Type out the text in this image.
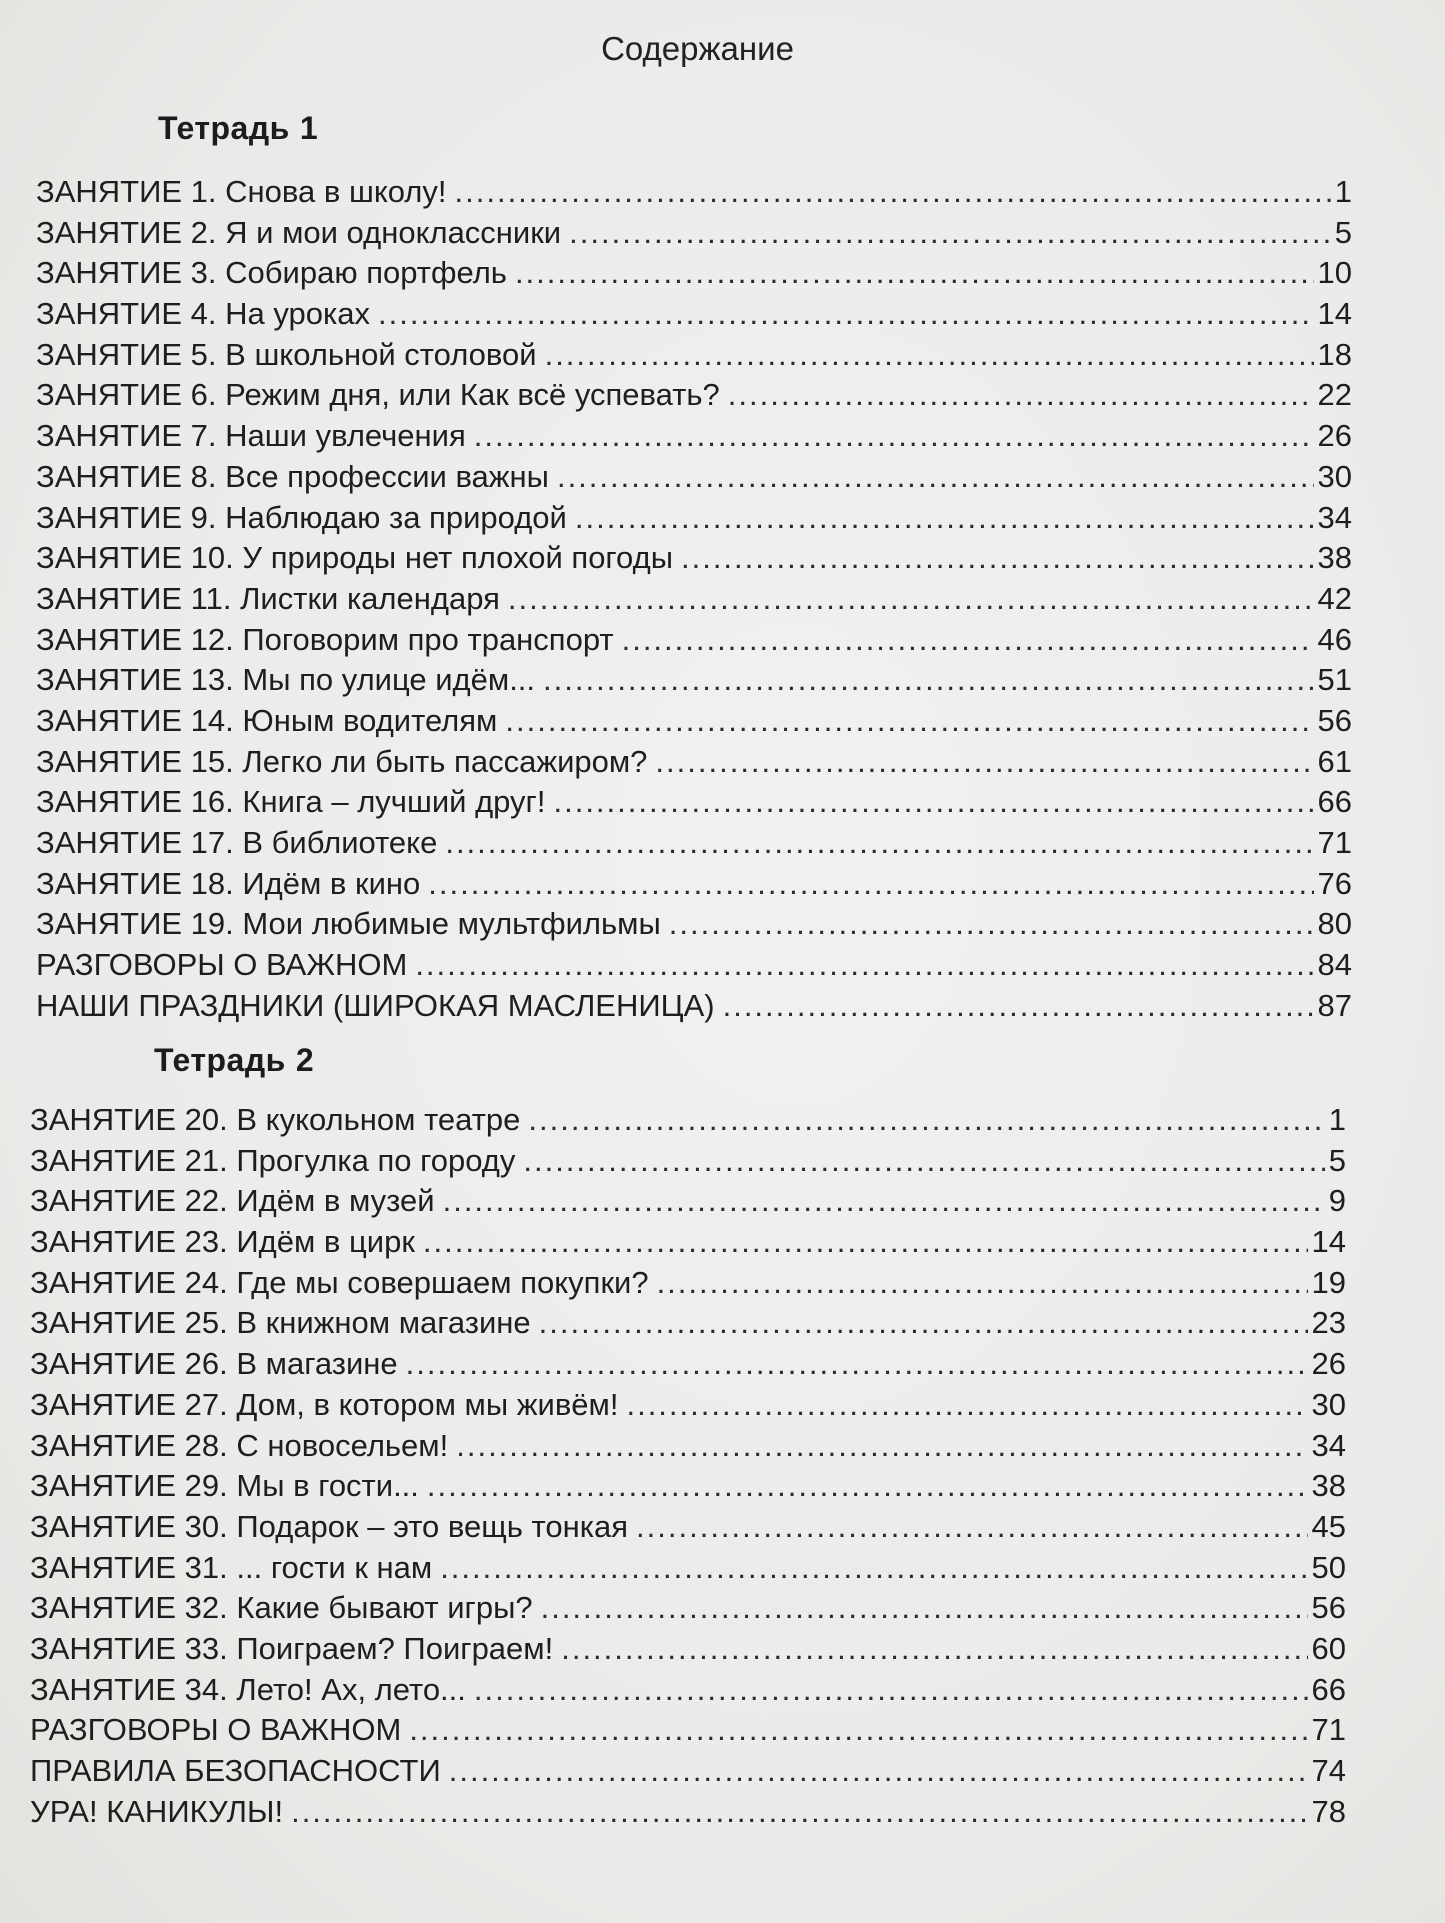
Содержание
Тетрадь 1
ЗАНЯТИЕ 1. Снова в школу! .....	1
ЗАНЯТИЕ 2. Я и мои одноклассники .....	5
ЗАНЯТИЕ 3. Собираю портфель .....	10
ЗАНЯТИЕ 4. На уроках .....	14
ЗАНЯТИЕ 5. В школьной столовой .....	18
ЗАНЯТИЕ 6. Режим дня, или Как всё успевать? .....	22
ЗАНЯТИЕ 7. Наши увлечения .....	26
ЗАНЯТИЕ 8. Все профессии важны .....	30
ЗАНЯТИЕ 9. Наблюдаю за природой .....	34
ЗАНЯТИЕ 10. У природы нет плохой погоды .....	38
ЗАНЯТИЕ 11. Листки календаря .....	42
ЗАНЯТИЕ 12. Поговорим про транспорт .....	46
ЗАНЯТИЕ 13. Мы по улице идём... .....	51
ЗАНЯТИЕ 14. Юным водителям .....	56
ЗАНЯТИЕ 15. Легко ли быть пассажиром? .....	61
ЗАНЯТИЕ 16. Книга – лучший друг! .....	66
ЗАНЯТИЕ 17. В библиотеке .....	71
ЗАНЯТИЕ 18. Идём в кино .....	76
ЗАНЯТИЕ 19. Мои любимые мультфильмы .....	80
РАЗГОВОРЫ О ВАЖНОМ .....	84
НАШИ ПРАЗДНИКИ (ШИРОКАЯ МАСЛЕНИЦА) .....	87
Тетрадь 2
ЗАНЯТИЕ 20. В кукольном театре .....	1
ЗАНЯТИЕ 21. Прогулка по городу .....	5
ЗАНЯТИЕ 22. Идём в музей .....	9
ЗАНЯТИЕ 23. Идём в цирк .....	14
ЗАНЯТИЕ 24. Где мы совершаем покупки? .....	19
ЗАНЯТИЕ 25. В книжном магазине .....	23
ЗАНЯТИЕ 26. В магазине .....	26
ЗАНЯТИЕ 27. Дом, в котором мы живём! .....	30
ЗАНЯТИЕ 28. С новосельем! .....	34
ЗАНЯТИЕ 29. Мы в гости... .....	38
ЗАНЯТИЕ 30. Подарок – это вещь тонкая .....	45
ЗАНЯТИЕ 31. ... гости к нам .....	50
ЗАНЯТИЕ 32. Какие бывают игры? .....	56
ЗАНЯТИЕ 33. Поиграем? Поиграем! .....	60
ЗАНЯТИЕ 34. Лето! Ах, лето... .....	66
РАЗГОВОРЫ О ВАЖНОМ .....	71
ПРАВИЛА БЕЗОПАСНОСТИ .....	74
УРА! КАНИКУЛЫ! .....	78
